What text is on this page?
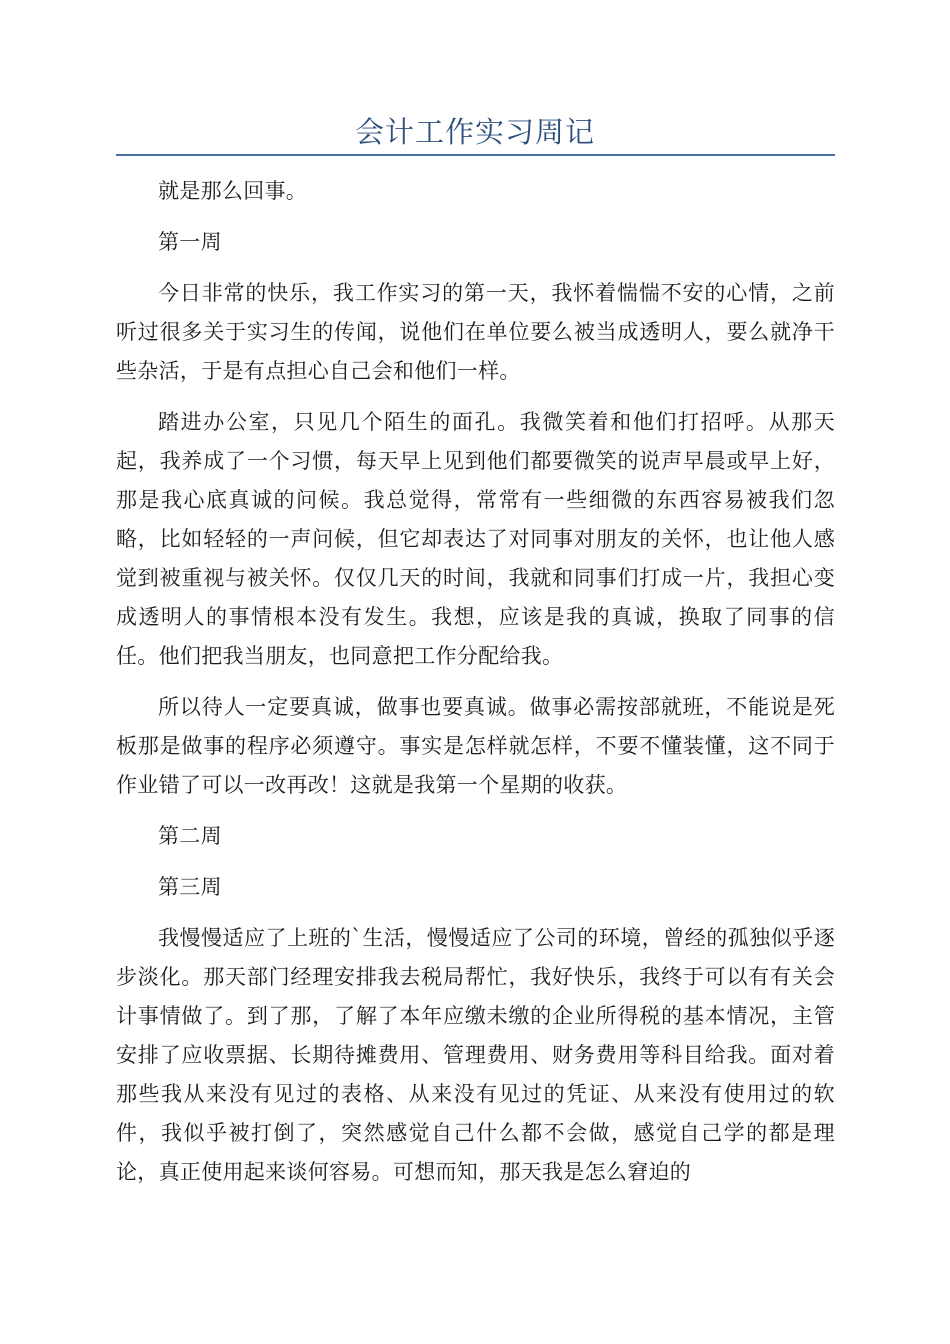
会计工作实习周记

就是那么回事。

第一周

今日非常的快乐，我工作实习的第一天，我怀着惴惴不安的心情，之前听过很多关于实习生的传闻，说他们在单位要么被当成透明人，要么就净干些杂活，于是有点担心自己会和他们一样。

踏进办公室，只见几个陌生的面孔。我微笑着和他们打招呼。从那天起，我养成了一个习惯，每天早上见到他们都要微笑的说声早晨或早上好，那是我心底真诚的问候。我总觉得，常常有一些细微的东西容易被我们忽略，比如轻轻的一声问候，但它却表达了对同事对朋友的关怀，也让他人感觉到被重视与被关怀。仅仅几天的时间，我就和同事们打成一片，我担心变成透明人的事情根本没有发生。我想，应该是我的真诚，换取了同事的信任。他们把我当朋友，也同意把工作分配给我。

所以待人一定要真诚，做事也要真诚。做事必需按部就班，不能说是死板那是做事的程序必须遵守。事实是怎样就怎样，不要不懂装懂，这不同于作业错了可以一改再改！这就是我第一个星期的收获。

第二周

第三周

我慢慢适应了上班的`生活，慢慢适应了公司的环境，曾经的孤独似乎逐步淡化。那天部门经理安排我去税局帮忙，我好快乐，我终于可以有有关会计事情做了。到了那，了解了本年应缴未缴的企业所得税的基本情况，主管安排了应收票据、长期待摊费用、管理费用、财务费用等科目给我。面对着那些我从来没有见过的表格、从来没有见过的凭证、从来没有使用过的软件，我似乎被打倒了，突然感觉自己什么都不会做，感觉自己学的都是理论，真正使用起来谈何容易。可想而知，那天我是怎么窘迫的
